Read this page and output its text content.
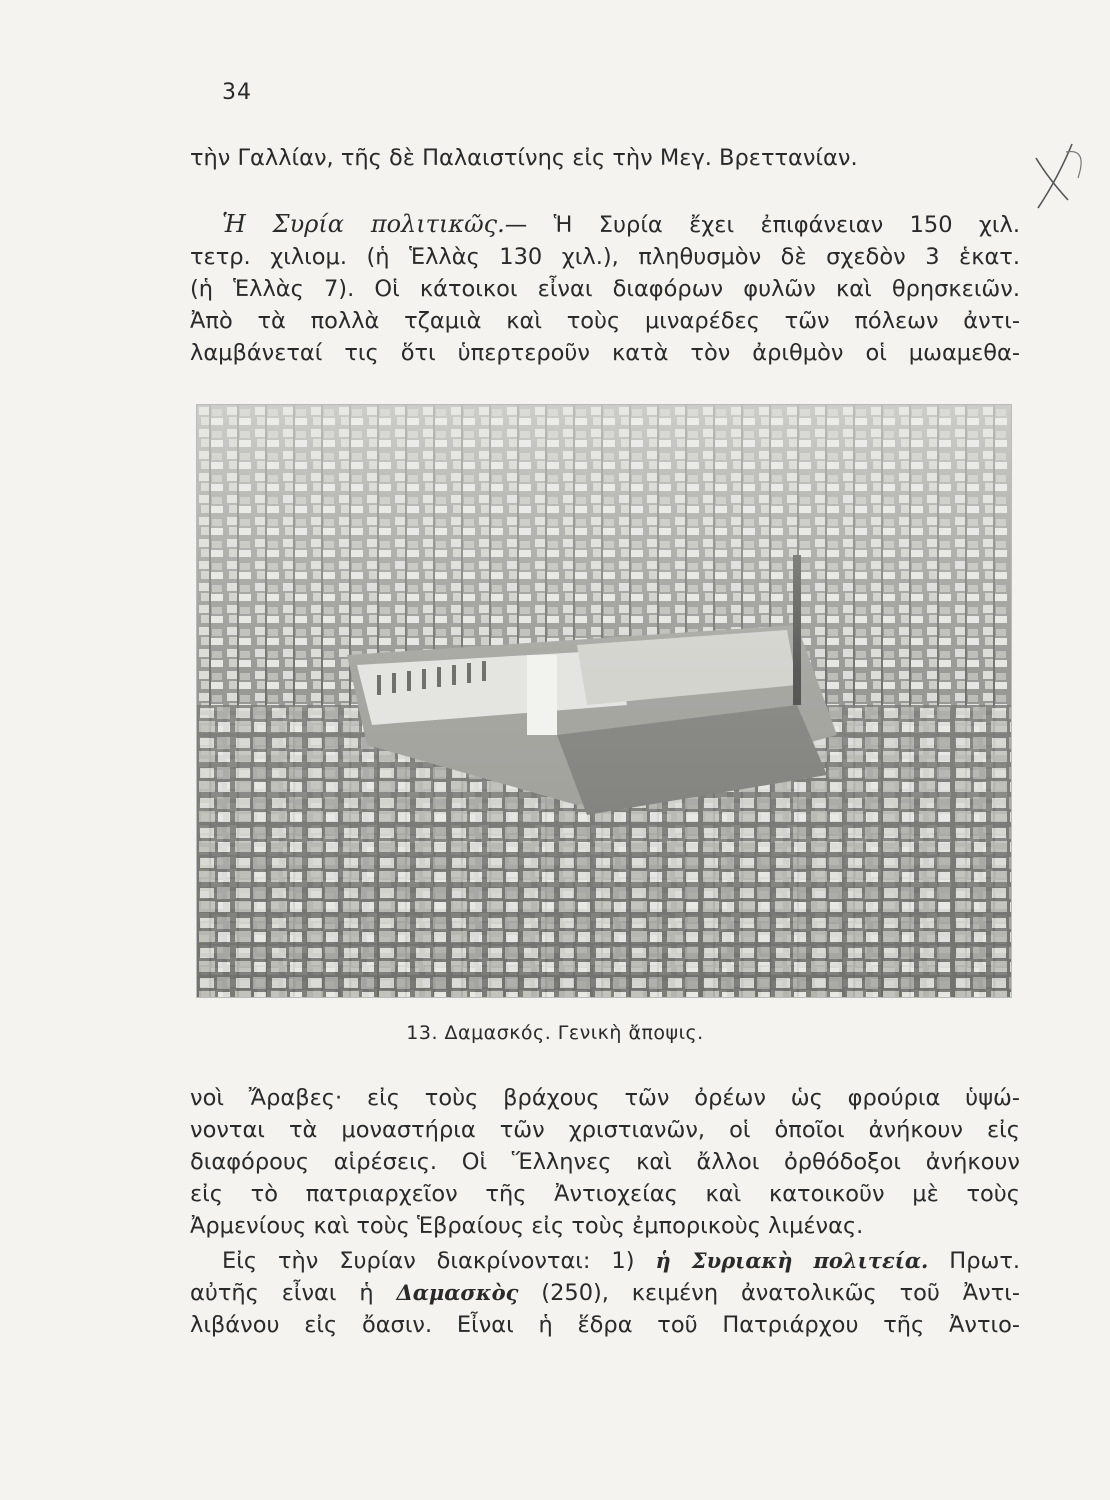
34
τὴν Γαλλίαν, τῆς δὲ Παλαιστίνης εἰς τὴν Μεγ. Βρεττανίαν.
Ἡ Συρία πολιτικῶς.— Ἡ Συρία ἔχει ἐπιφάνειαν 150 χιλ.
τετρ. χιλιομ. (ἡ Ἑλλὰς 130 χιλ.), πληθυσμὸν δὲ σχεδὸν 3 ἑκατ.
(ἡ Ἑλλὰς 7). Οἱ κάτοικοι εἶναι διαφόρων φυλῶν καὶ θρησκειῶν.
Ἀπὸ τὰ πολλὰ τζαμιὰ καὶ τοὺς μιναρέδες τῶν πόλεων ἀντι-
λαμβάνεταί τις ὅτι ὑπερτεροῦν κατὰ τὸν ἀριθμὸν οἱ μωαμεθα-
13. Δαμασκός. Γενικὴ ἄποψις.
νοὶ Ἄραβες· εἰς τοὺς βράχους τῶν ὀρέων ὡς φρούρια ὑψώ-
νονται τὰ μοναστήρια τῶν χριστιανῶν, οἱ ὁποῖοι ἀνήκουν εἰς
διαφόρους αἱρέσεις. Οἱ Ἕλληνες καὶ ἄλλοι ὀρθόδοξοι ἀνήκουν
εἰς τὸ πατριαρχεῖον τῆς Ἀντιοχείας καὶ κατοικοῦν μὲ τοὺς
Ἀρμενίους καὶ τοὺς Ἑβραίους εἰς τοὺς ἐμπορικοὺς λιμένας.
Εἰς τὴν Συρίαν διακρίνονται: 1) ἡ Συριακὴ πολιτεία. Πρωτ.
αὐτῆς εἶναι ἡ Δαμασκὸς (250), κειμένη ἀνατολικῶς τοῦ Ἀντι-
λιβάνου εἰς ὄασιν. Εἶναι ἡ ἕδρα τοῦ Πατριάρχου τῆς Ἀντιο-
